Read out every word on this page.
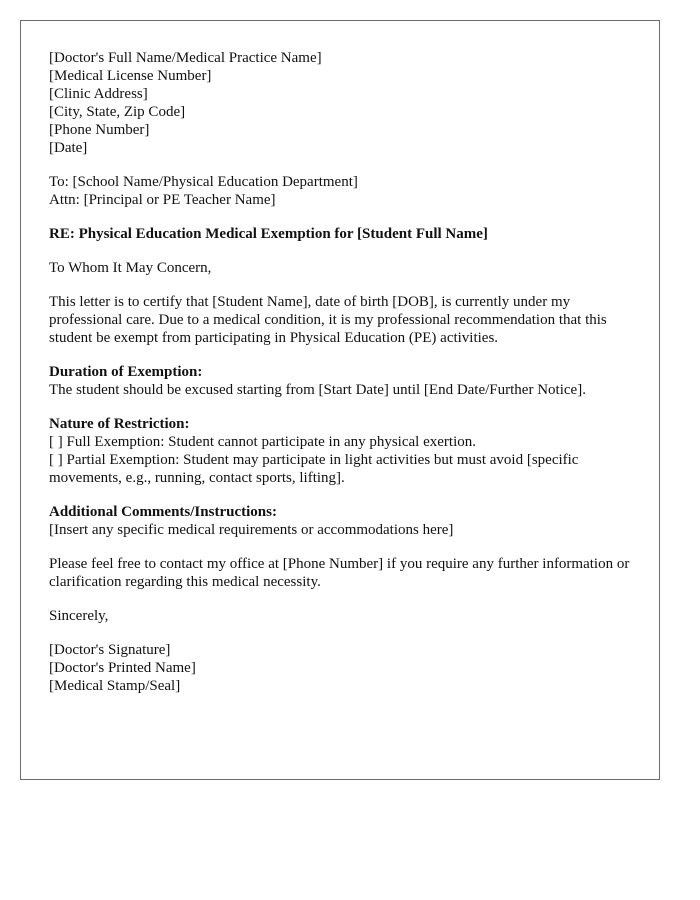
[Doctor's Full Name/Medical Practice Name]
[Medical License Number]
[Clinic Address]
[City, State, Zip Code]
[Phone Number]
[Date]
To: [School Name/Physical Education Department]
Attn: [Principal or PE Teacher Name]

RE: Physical Education Medical Exemption for [Student Full Name]

To Whom It May Concern,

This letter is to certify that [Student Name], date of birth [DOB], is currently under my professional care. Due to a medical condition, it is my professional recommendation that this student be exempt from participating in Physical Education (PE) activities.

Duration of Exemption:
The student should be excused starting from [Start Date] until [End Date/Further Notice].
Nature of Restriction:
[ ] Full Exemption: Student cannot participate in any physical exertion.

[ ] Partial Exemption: Student may participate in light activities but must avoid [specific movements, e.g., running, contact sports, lifting].

Additional Comments/Instructions:
[Insert any specific medical requirements or accommodations here]

Please feel free to contact my office at [Phone Number] if you require any further information or clarification regarding this medical necessity.

Sincerely,

[Doctor's Signature]
[Doctor's Printed Name]
[Medical Stamp/Seal]
